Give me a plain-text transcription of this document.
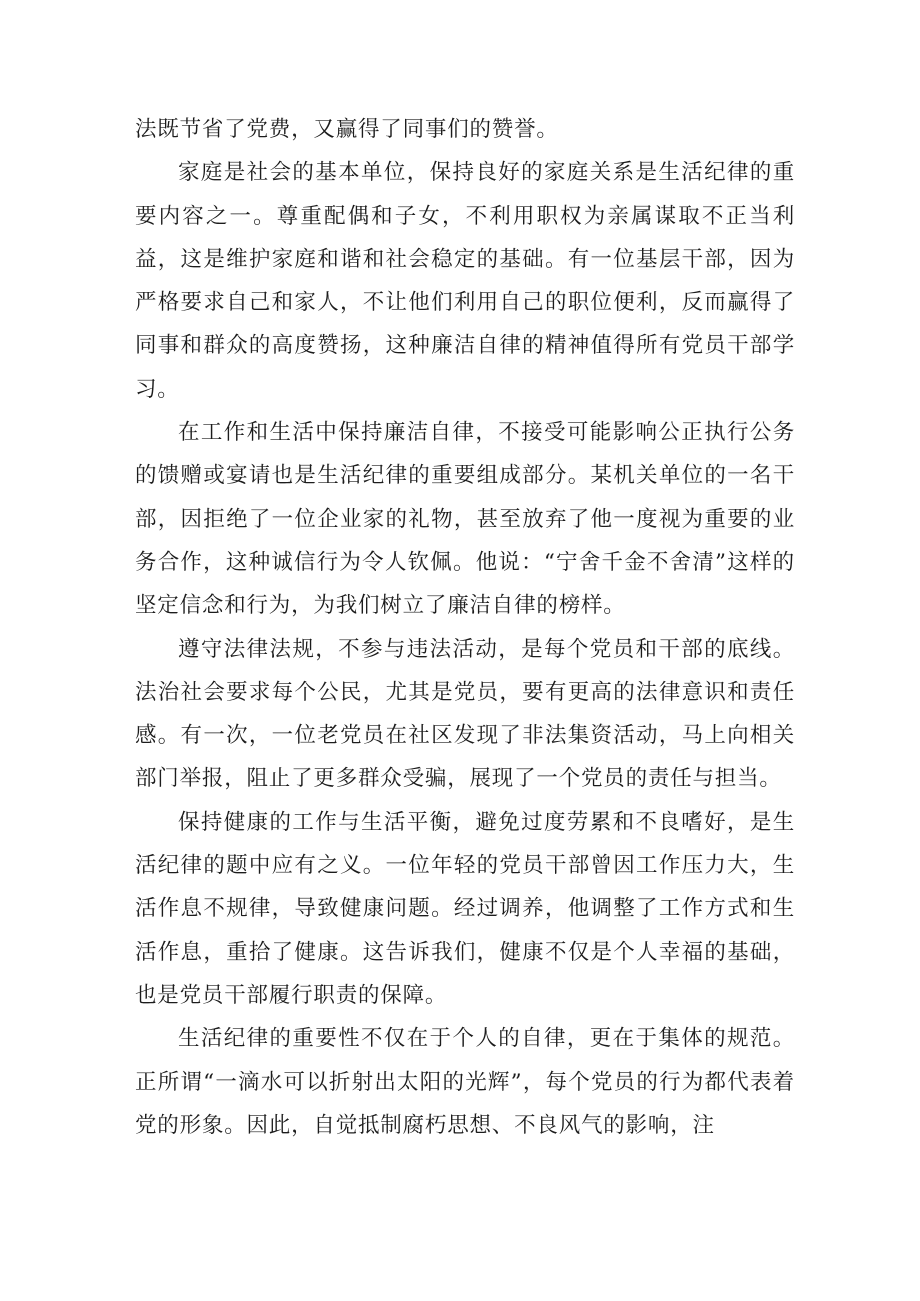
法既节省了党费，又赢得了同事们的赞誉。

家庭是社会的基本单位，保持良好的家庭关系是生活纪律的重要内容之一。尊重配偶和子女，不利用职权为亲属谋取不正当利益，这是维护家庭和谐和社会稳定的基础。有一位基层干部，因为严格要求自己和家人，不让他们利用自己的职位便利，反而赢得了同事和群众的高度赞扬，这种廉洁自律的精神值得所有党员干部学习。

在工作和生活中保持廉洁自律，不接受可能影响公正执行公务的馈赠或宴请也是生活纪律的重要组成部分。某机关单位的一名干部，因拒绝了一位企业家的礼物，甚至放弃了他一度视为重要的业务合作，这种诚信行为令人钦佩。他说：“宁舍千金不舍清”这样的坚定信念和行为，为我们树立了廉洁自律的榜样。

遵守法律法规，不参与违法活动，是每个党员和干部的底线。法治社会要求每个公民，尤其是党员，要有更高的法律意识和责任感。有一次，一位老党员在社区发现了非法集资活动，马上向相关部门举报，阻止了更多群众受骗，展现了一个党员的责任与担当。

保持健康的工作与生活平衡，避免过度劳累和不良嗜好，是生活纪律的题中应有之义。一位年轻的党员干部曾因工作压力大，生活作息不规律，导致健康问题。经过调养，他调整了工作方式和生活作息，重拾了健康。这告诉我们，健康不仅是个人幸福的基础，也是党员干部履行职责的保障。

生活纪律的重要性不仅在于个人的自律，更在于集体的规范。正所谓“一滴水可以折射出太阳的光辉”，每个党员的行为都代表着党的形象。因此，自觉抵制腐朽思想、不良风气的影响，注
